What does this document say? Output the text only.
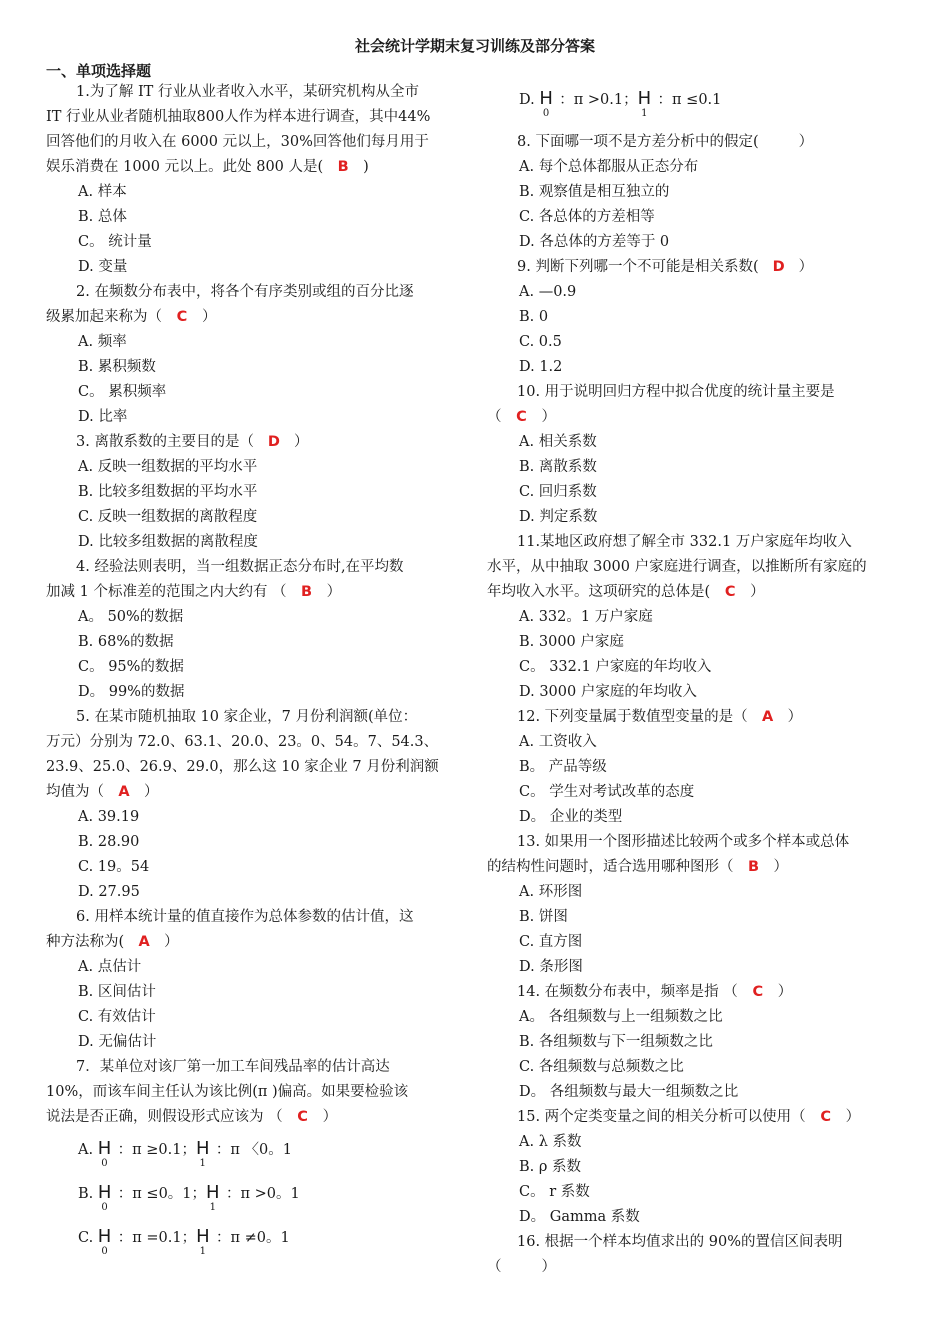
社会统计学期末复习训练及部分答案
一、单项选择题
1.为了解 IT 行业从业者收入水平，某研究机构从全市
IT 行业从业者随机抽取800人作为样本进行调查，其中44%
回答他们的月收入在 6000 元以上，30%回答他们每月用于
娱乐消费在 1000 元以上。此处 800 人是( B )
A. 样本
B. 总体
C。 统计量
D. 变量
2. 在频数分布表中，将各个有序类别或组的百分比逐
级累加起来称为（ C ）
A. 频率
B. 累积频数
C。 累积频率
D. 比率
3. 离散系数的主要目的是（ D ）
A. 反映一组数据的平均水平
B. 比较多组数据的平均水平
C. 反映一组数据的离散程度
D. 比较多组数据的离散程度
4. 经验法则表明，当一组数据正态分布时,在平均数
加减 1 个标准差的范围之内大约有 （ B ）
A。 50%的数据
B. 68%的数据
C。 95%的数据
D。 99%的数据
5. 在某市随机抽取 10 家企业，7 月份利润额(单位：
万元）分别为 72.0、63.1、20.0、23。0、54。7、54.3、
23.9、25.0、26.9、29.0，那么这 10 家企业 7 月份利润额
均值为（ A ）
A. 39.19
B. 28.90
C. 19。54
D. 27.95
6. 用样本统计量的值直接作为总体参数的估计值，这
种方法称为( A ）
A. 点估计
B. 区间估计
C. 有效估计
D. 无偏估计
7．某单位对该厂第一加工车间残品率的估计高达
10%，而该车间主任认为该比例(π )偏高。如果要检验该
说法是否正确，则假设形式应该为 （ C ）
A. $H_0$：π ≥0.1；$H_1$：π 〈0。1
B. $H_0$：π ≤0。1；$H_1$：π >0。1
C. $H_0$：π =0.1；$H_1$：π ≠0。1
D. $H_0$：π >0.1；$H_1$：π ≤0.1
8. 下面哪一项不是方差分析中的假定(	）
A. 每个总体都服从正态分布
B. 观察值是相互独立的
C. 各总体的方差相等
D. 各总体的方差等于 0
9. 判断下列哪一个不可能是相关系数( D ）
A. —0.9
B. 0
C. 0.5
D. 1.2
10. 用于说明回归方程中拟合优度的统计量主要是
（ C ）
A. 相关系数
B. 离散系数
C. 回归系数
D. 判定系数
11.某地区政府想了解全市 332.1 万户家庭年均收入
水平，从中抽取 3000 户家庭进行调查，以推断所有家庭的
年均收入水平。这项研究的总体是( C ）
A. 332。1 万户家庭
B. 3000 户家庭
C。 332.1 户家庭的年均收入
D. 3000 户家庭的年均收入
12. 下列变量属于数值型变量的是（ A ）
A. 工资收入
B。 产品等级
C。 学生对考试改革的态度
D。 企业的类型
13. 如果用一个图形描述比较两个或多个样本或总体
的结构性问题时，适合选用哪种图形（ B ）
A. 环形图
B. 饼图
C. 直方图
D. 条形图
14. 在频数分布表中，频率是指 （ C ）
A。 各组频数与上一组频数之比
B. 各组频数与下一组频数之比
C. 各组频数与总频数之比
D。 各组频数与最大一组频数之比
15. 两个定类变量之间的相关分析可以使用（ C ）
A. λ 系数
B. ρ 系数
C。 r 系数
D。 Gamma 系数
16. 根据一个样本均值求出的 90%的置信区间表明
（	）
